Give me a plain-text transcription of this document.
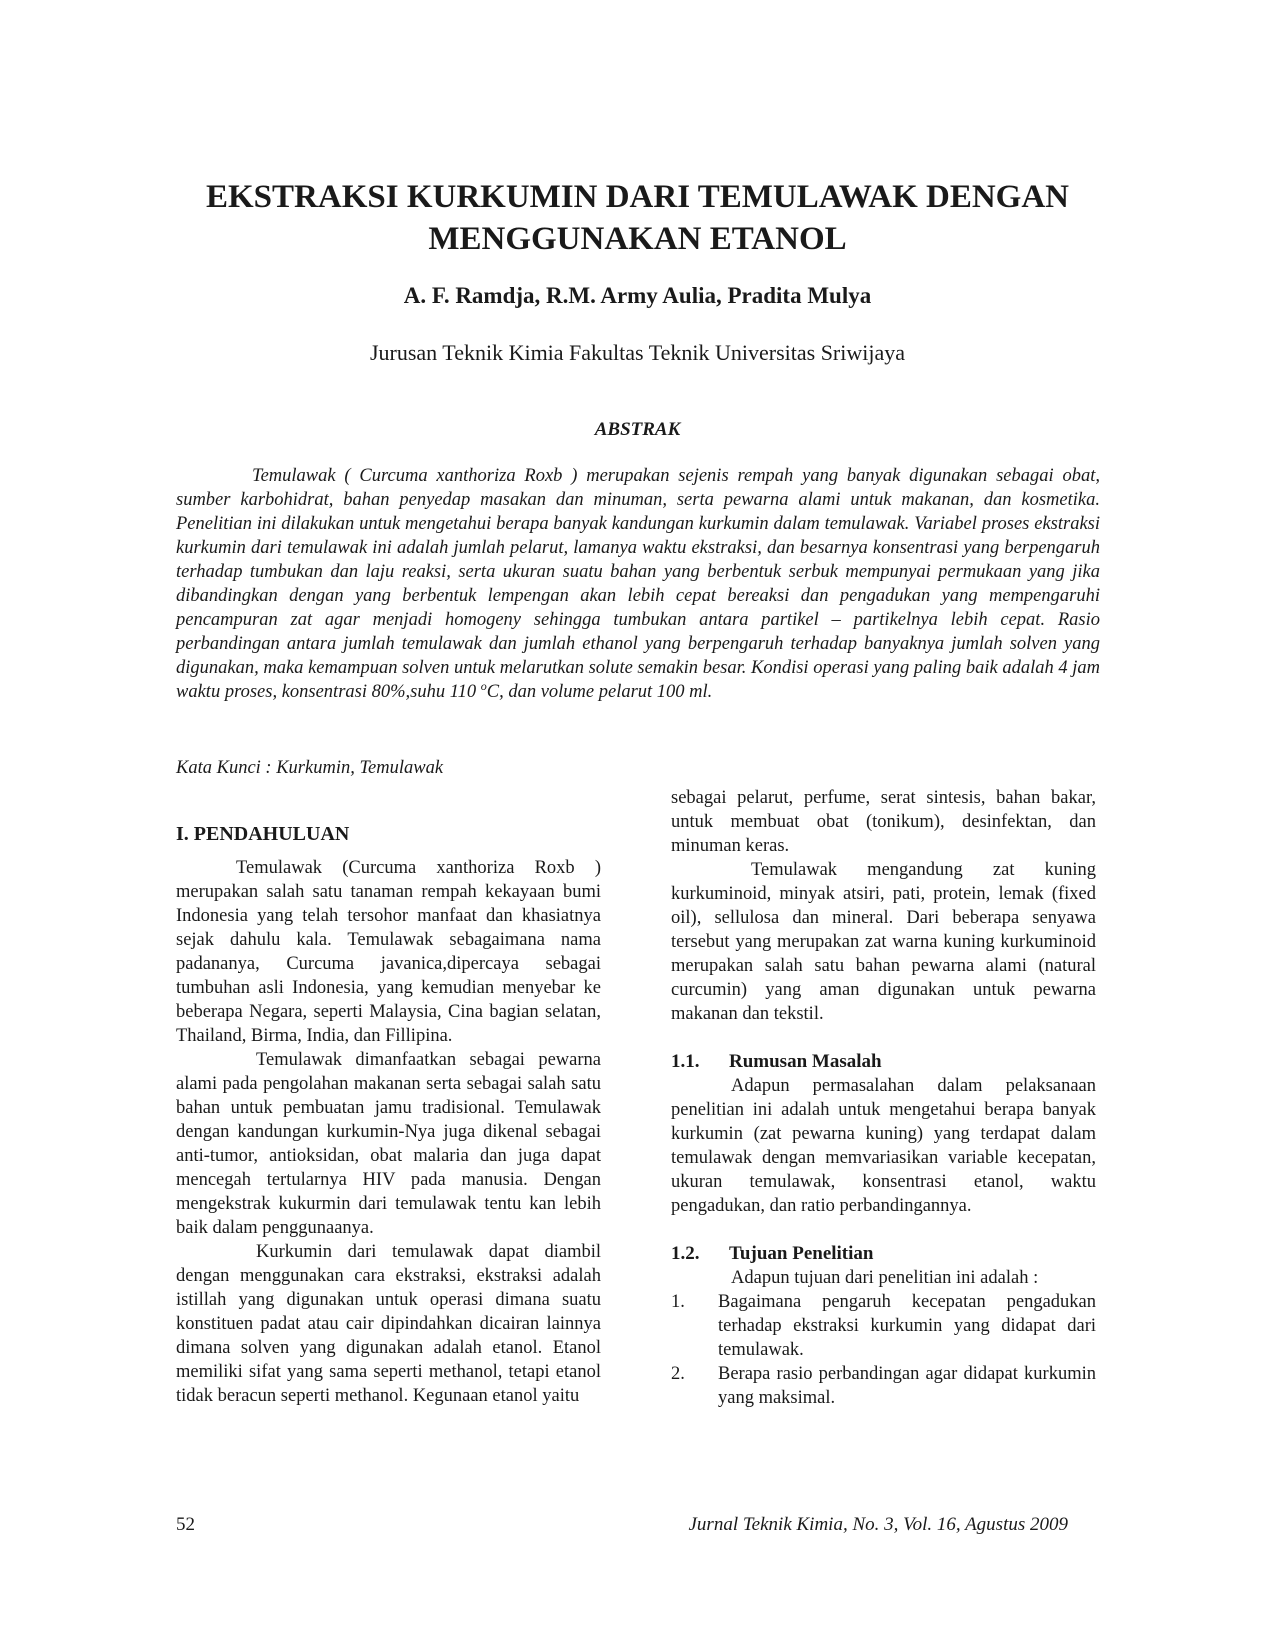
EKSTRAKSI KURKUMIN DARI TEMULAWAK DENGAN
MENGGUNAKAN ETANOL
A. F. Ramdja, R.M. Army Aulia, Pradita Mulya
Jurusan Teknik Kimia Fakultas Teknik Universitas Sriwijaya
ABSTRAK

Temulawak ( Curcuma xanthoriza Roxb ) merupakan sejenis rempah yang banyak digunakan sebagai obat, sumber karbohidrat, bahan penyedap masakan dan minuman, serta pewarna alami untuk makanan, dan kosmetika. Penelitian ini dilakukan untuk mengetahui berapa banyak kandungan kurkumin dalam temulawak. Variabel proses ekstraksi kurkumin dari temulawak ini adalah jumlah pelarut, lamanya waktu ekstraksi, dan besarnya konsentrasi yang berpengaruh terhadap tumbukan dan laju reaksi, serta ukuran suatu bahan yang berbentuk serbuk mempunyai permukaan yang jika dibandingkan dengan yang berbentuk lempengan akan lebih cepat bereaksi dan pengadukan yang mempengaruhi pencampuran zat agar menjadi homogeny sehingga tumbukan antara partikel – partikelnya lebih cepat. Rasio perbandingan antara jumlah temulawak dan jumlah ethanol yang berpengaruh terhadap banyaknya jumlah solven yang digunakan, maka kemampuan solven untuk melarutkan solute semakin besar. Kondisi operasi yang paling baik adalah 4 jam waktu proses, konsentrasi 80%,suhu 110 $^o$C, dan volume pelarut 100 ml.

Kata Kunci : Kurkumin, Temulawak
I. PENDAHULUAN

Temulawak (Curcuma xanthoriza Roxb ) merupakan salah satu tanaman rempah kekayaan bumi Indonesia yang telah tersohor manfaat dan khasiatnya sejak dahulu kala. Temulawak sebagaimana nama padananya, Curcuma javanica,dipercaya sebagai tumbuhan asli Indonesia, yang kemudian menyebar ke beberapa Negara, seperti Malaysia, Cina bagian selatan, Thailand, Birma, India, dan Fillipina.

Temulawak dimanfaatkan sebagai pewarna alami pada pengolahan makanan serta sebagai salah satu bahan untuk pembuatan jamu tradisional. Temulawak dengan kandungan kurkumin-Nya juga dikenal sebagai anti-tumor, antioksidan, obat malaria dan juga dapat mencegah tertularnya HIV pada manusia. Dengan mengekstrak kukurmin dari temulawak tentu kan lebih baik dalam penggunaanya.

Kurkumin dari temulawak dapat diambil dengan menggunakan cara ekstraksi, ekstraksi adalah istillah yang digunakan untuk operasi dimana suatu konstituen padat atau cair dipindahkan dicairan lainnya dimana solven yang digunakan adalah etanol. Etanol memiliki sifat yang sama seperti methanol, tetapi etanol tidak beracun seperti methanol. Kegunaan etanol yaitu

sebagai pelarut, perfume, serat sintesis, bahan bakar, untuk membuat obat (tonikum), desinfektan, dan minuman keras.

Temulawak mengandung zat kuning kurkuminoid, minyak atsiri, pati, protein, lemak (fixed oil), sellulosa dan mineral. Dari beberapa senyawa tersebut yang merupakan zat warna kuning kurkuminoid merupakan salah satu bahan pewarna alami (natural curcumin) yang aman digunakan untuk pewarna makanan dan tekstil.

1.1. Rumusan Masalah

Adapun permasalahan dalam pelaksanaan penelitian ini adalah untuk mengetahui berapa banyak kurkumin (zat pewarna kuning) yang terdapat dalam temulawak dengan memvariasikan variable kecepatan, ukuran temulawak, konsentrasi etanol, waktu pengadukan, dan ratio perbandingannya.

1.2. Tujuan Penelitian

Adapun tujuan dari penelitian ini adalah :

1. Bagaimana pengaruh kecepatan pengadukan terhadap ekstraksi kurkumin yang didapat dari temulawak.
2. Berapa rasio perbandingan agar didapat kurkumin yang maksimal.
52	Jurnal Teknik Kimia, No. 3, Vol. 16, Agustus 2009
